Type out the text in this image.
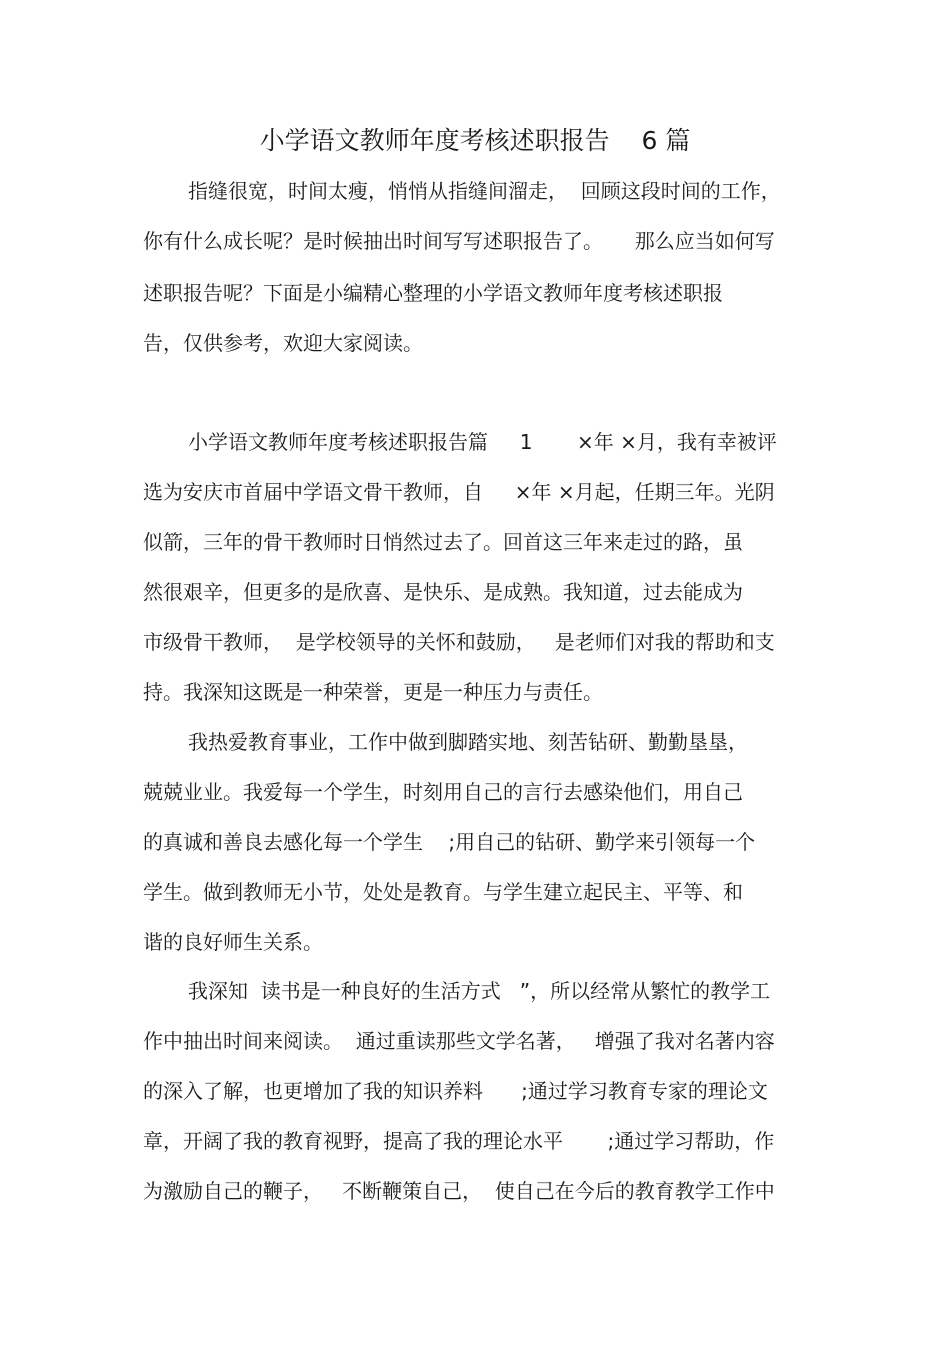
小学语文教师年度考核述职报告    6 篇
指缝很宽，时间太瘦，悄悄从指缝间溜走，  回顾这段时间的工作，
你有什么成长呢？是时候抽出时间写写述职报告了。     那么应当如何写
述职报告呢？下面是小编精心整理的小学语文教师年度考核述职报
告，仅供参考，欢迎大家阅读。
小学语文教师年度考核述职报告篇     1       ×年 ×月，我有幸被评
选为安庆市首届中学语文骨干教师，自     ×年 ×月起，任期三年。光阴
似箭，三年的骨干教师时日悄然过去了。回首这三年来走过的路，虽
然很艰辛，但更多的是欣喜、是快乐、是成熟。我知道，过去能成为
市级骨干教师，  是学校领导的关怀和鼓励，   是老师们对我的帮助和支
持。我深知这既是一种荣誉，更是一种压力与责任。
我热爱教育事业，工作中做到脚踏实地、刻苦钻研、勤勤垦垦，
兢兢业业。我爱每一个学生，时刻用自己的言行去感染他们，用自己
的真诚和善良去感化每一个学生    ;用自己的钻研、勤学来引领每一个
学生。做到教师无小节，处处是教育。与学生建立起民主、平等、和
谐的良好师生关系。
我深知  读书是一种良好的生活方式   ”，所以经常从繁忙的教学工
作中抽出时间来阅读。  通过重读那些文学名著，   增强了我对名著内容
的深入了解，也更增加了我的知识养料      ;通过学习教育专家的理论文
章，开阔了我的教育视野，提高了我的理论水平       ;通过学习帮助，作
为激励自己的鞭子，   不断鞭策自己，  使自己在今后的教育教学工作中
